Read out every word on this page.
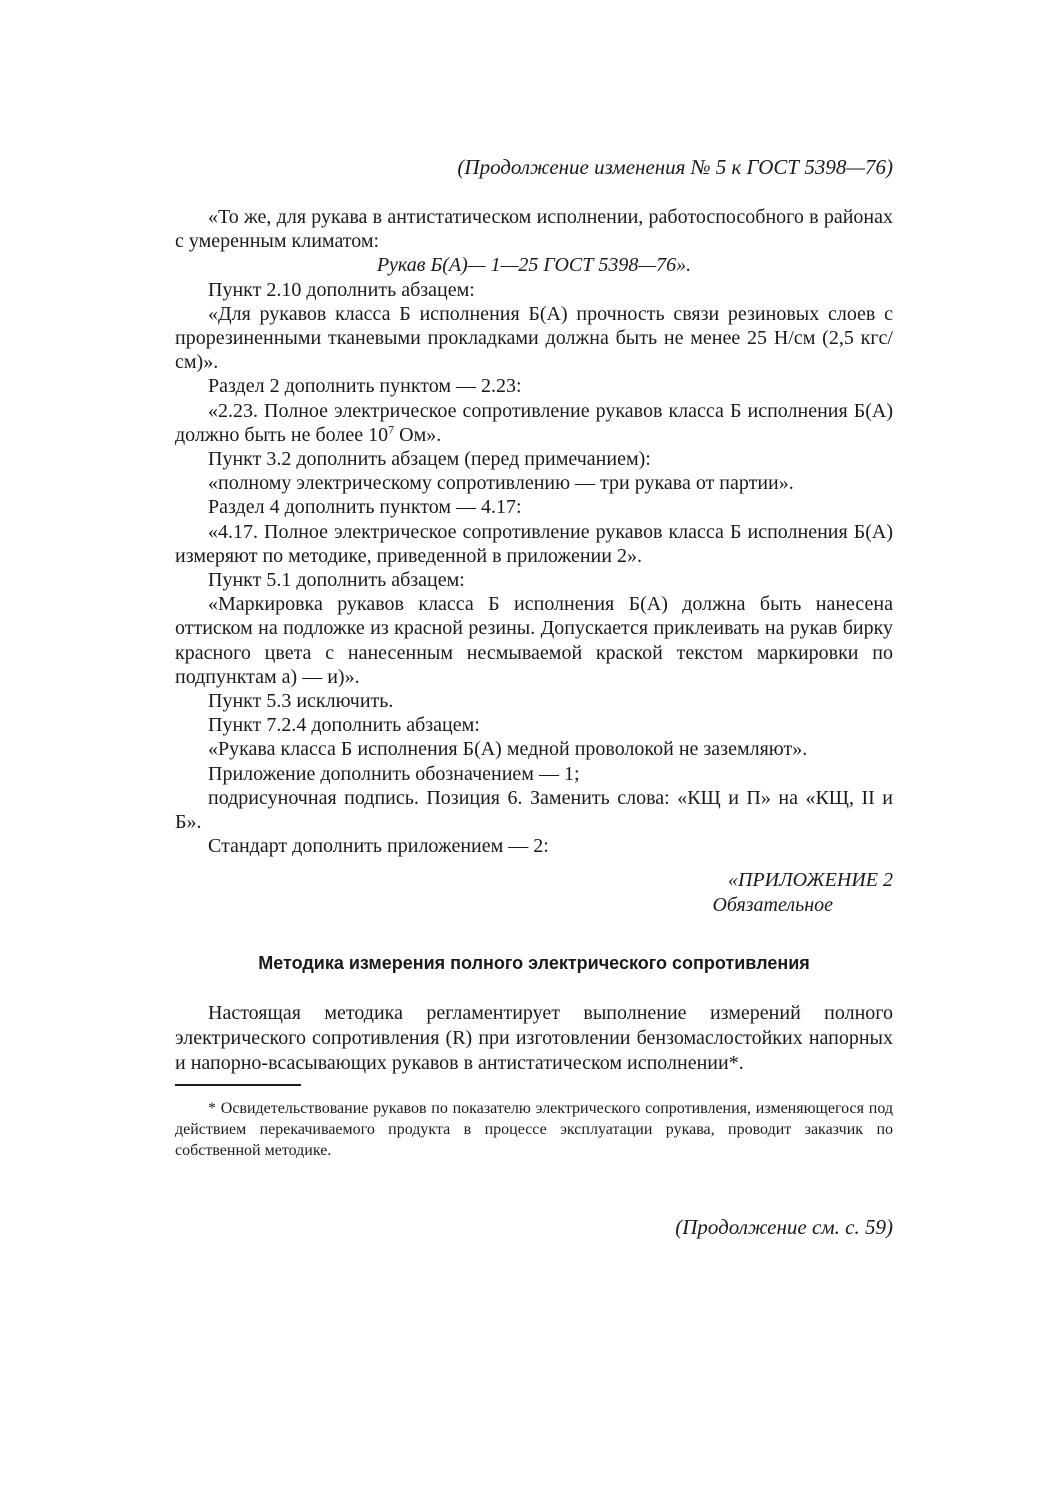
(Продолжение изменения № 5 к ГОСТ 5398—76)

«То же, для рукава в антистатическом исполнении, работоспособного в районах с умеренным климатом:

Рукав Б(А)— 1—25 ГОСТ 5398—76».

Пункт 2.10 дополнить абзацем:

«Для рукавов класса Б исполнения Б(А) прочность связи резиновых слоев с прорезиненными тканевыми прокладками должна быть не менее 25 Н/см (2,5 кгс/см)».

Раздел 2 дополнить пунктом — 2.23:

«2.23. Полное электрическое сопротивление рукавов класса Б исполнения Б(А) должно быть не более $10^7$ Ом».

Пункт 3.2 дополнить абзацем (перед примечанием):

«полному электрическому сопротивлению — три рукава от партии».

Раздел 4 дополнить пунктом — 4.17:

«4.17. Полное электрическое сопротивление рукавов класса Б исполнения Б(А) измеряют по методике, приведенной в приложении 2».

Пункт 5.1 дополнить абзацем:

«Маркировка рукавов класса Б исполнения Б(А) должна быть нанесена оттиском на подложке из красной резины. Допускается приклеивать на рукав бирку красного цвета с нанесенным несмываемой краской текстом маркировки по подпунктам а) — и)».

Пункт 5.3 исключить.

Пункт 7.2.4 дополнить абзацем:

«Рукава класса Б исполнения Б(А) медной проволокой не заземляют».

Приложение дополнить обозначением — 1;

подрисуночная подпись. Позиция 6. Заменить слова: «КЩ и П» на «КЩ, II и Б».

Стандарт дополнить приложением — 2:

«ПРИЛОЖЕНИЕ 2
Обязательное

Методика измерения полного электрического сопротивления

Настоящая методика регламентирует выполнение измерений полного электрического сопротивления (R) при изготовлении бензомаслостойких напорных и напорно-всасывающих рукавов в антистатическом исполнении*.

* Освидетельствование рукавов по показателю электрического сопротивления, изменяющегося под действием перекачиваемого продукта в процессе эксплуатации рукава, проводит заказчик по собственной методике.

(Продолжение см. с. 59)
